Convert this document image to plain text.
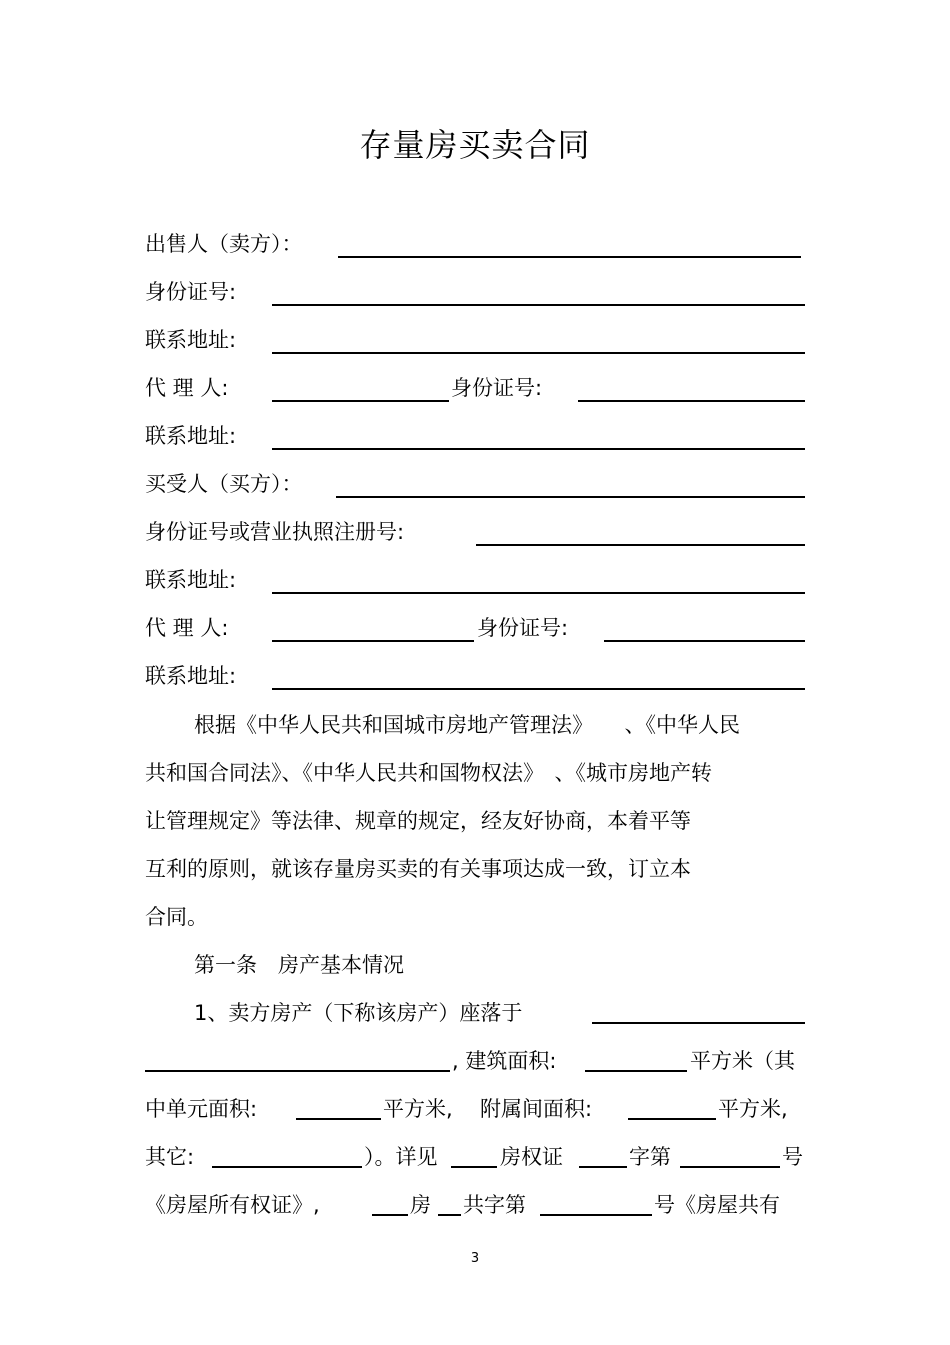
存量房买卖合同
出售人（卖方）：
身份证号:
联系地址:
代 理 人:	身份证号:
联系地址:
买受人（买方）：
身份证号或营业执照注册号:
联系地址:
代 理 人:	身份证号:
联系地址:
根据《中华人民共和国城市房地产管理法》　　、《中华人民
共和国合同法》、《中华人民共和国物权法》　、《城市房地产转
让管理规定》等法律、规章的规定，经友好协商，本着平等
互利的原则，就该存量房买卖的有关事项达成一致，订立本
合同。
第一条　房产基本情况
1、卖方房产（下称该房产）座落于
, 建筑面积:	平方米（其
中单元面积:	平方米, 附属间面积:	平方米,
其它:	）。详见	房权证	字第	号
《房屋所有权证》,	房 共字第	号《房屋共有
3
